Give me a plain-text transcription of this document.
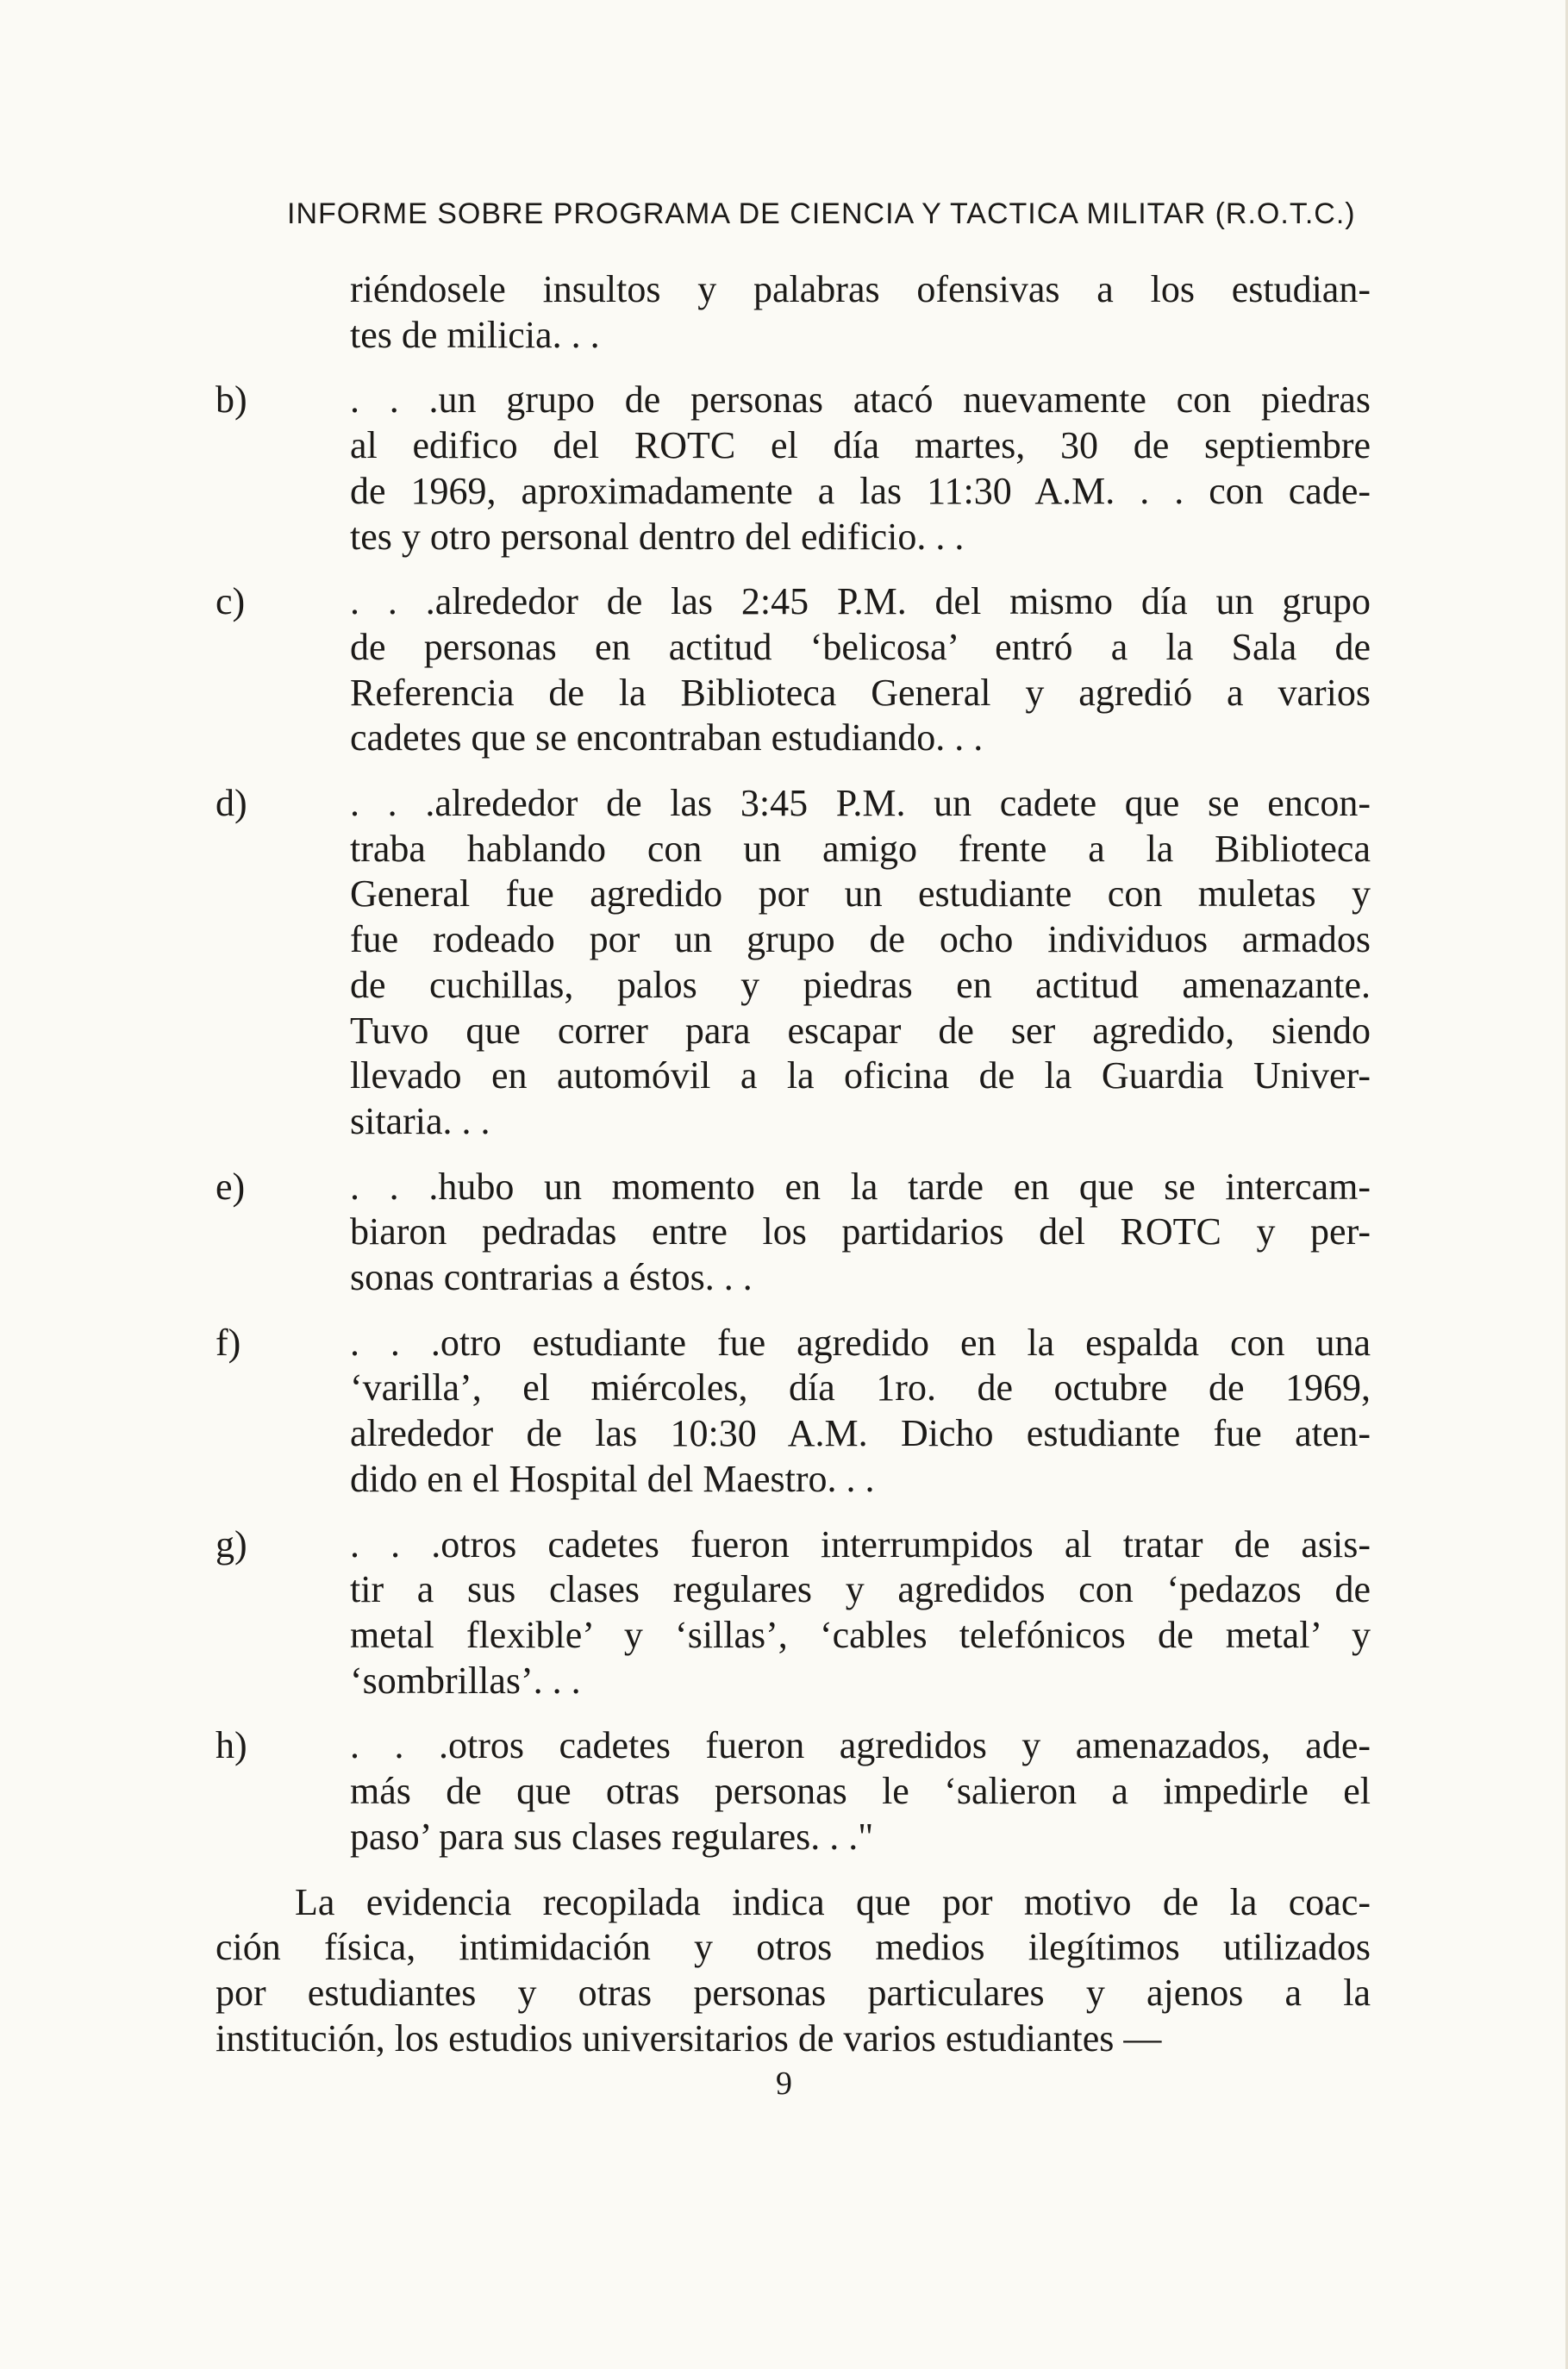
INFORME SOBRE PROGRAMA DE CIENCIA Y TACTICA MILITAR (R.O.T.C.)
riéndosele insultos y palabras ofensivas a los estudian-
tes de milicia. . .
b)	. . .un grupo de personas atacó nuevamente con piedras
al edifico del ROTC el día martes, 30 de septiembre
de 1969, aproximadamente a las 11:30 A.M. . . con cade-
tes y otro personal dentro del edificio. . .
c)	. . .alrededor de las 2:45 P.M. del mismo día un grupo
de personas en actitud ‘belicosa’ entró a la Sala de
Referencia de la Biblioteca General y agredió a varios
cadetes que se encontraban estudiando. . .
d)	. . .alrededor de las 3:45 P.M. un cadete que se encon-
traba hablando con un amigo frente a la Biblioteca
General fue agredido por un estudiante con muletas y
fue rodeado por un grupo de ocho individuos armados
de cuchillas, palos y piedras en actitud amenazante.
Tuvo que correr para escapar de ser agredido, siendo
llevado en automóvil a la oficina de la Guardia Univer-
sitaria. . .
e)	. . .hubo un momento en la tarde en que se intercam-
biaron pedradas entre los partidarios del ROTC y per-
sonas contrarias a éstos. . .
f)	. . .otro estudiante fue agredido en la espalda con una
‘varilla’, el miércoles, día 1ro. de octubre de 1969,
alrededor de las 10:30 A.M. Dicho estudiante fue aten-
dido en el Hospital del Maestro. . .
g)	. . .otros cadetes fueron interrumpidos al tratar de asis-
tir a sus clases regulares y agredidos con ‘pedazos de
metal flexible’ y ‘sillas’, ‘cables telefónicos de metal’ y
‘sombrillas’. . .
h)	. . .otros cadetes fueron agredidos y amenazados, ade-
más de que otras personas le ‘salieron a impedirle el
paso’ para sus clases regulares. . ."
La evidencia recopilada indica que por motivo de la coac-
ción física, intimidación y otros medios ilegítimos utilizados
por estudiantes y otras personas particulares y ajenos a la
institución, los estudios universitarios de varios estudiantes —
9
